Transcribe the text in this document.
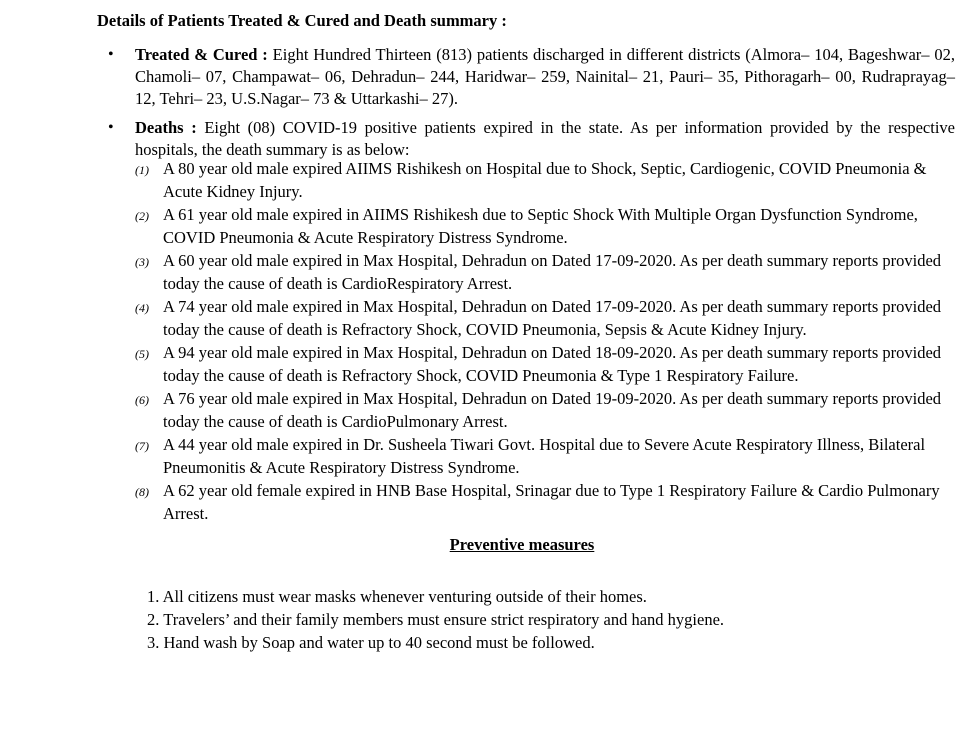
Details of Patients Treated & Cured and Death summary :
• Treated & Cured : Eight Hundred Thirteen (813) patients discharged in different districts (Almora– 104, Bageshwar– 02, Chamoli– 07, Champawat– 06, Dehradun– 244, Haridwar– 259, Nainital– 21, Pauri– 35, Pithoragarh– 00, Rudraprayag– 12, Tehri– 23, U.S.Nagar– 73 & Uttarkashi– 27).
• Deaths : Eight (08) COVID-19 positive patients expired in the state. As per information provided by the respective hospitals, the death summary is as below:
(1) A 80 year old male expired AIIMS Rishikesh on Hospital due to Shock, Septic, Cardiogenic, COVID Pneumonia & Acute Kidney Injury.
(2) A 61 year old male expired in AIIMS Rishikesh due to Septic Shock With Multiple Organ Dysfunction Syndrome, COVID Pneumonia & Acute Respiratory Distress Syndrome.
(3) A 60 year old male expired in Max Hospital, Dehradun on Dated 17-09-2020. As per death summary reports provided today the cause of death is CardioRespiratory Arrest.
(4) A 74 year old male expired in Max Hospital, Dehradun on Dated 17-09-2020. As per death summary reports provided today the cause of death is Refractory Shock, COVID Pneumonia, Sepsis & Acute Kidney Injury.
(5) A 94 year old male expired in Max Hospital, Dehradun on Dated 18-09-2020. As per death summary reports provided today the cause of death is Refractory Shock, COVID Pneumonia & Type 1 Respiratory Failure.
(6) A 76 year old male expired in Max Hospital, Dehradun on Dated 19-09-2020. As per death summary reports provided today the cause of death is CardioPulmonary Arrest.
(7) A 44 year old male expired in Dr. Susheela Tiwari Govt. Hospital due to Severe Acute Respiratory Illness, Bilateral Pneumonitis & Acute Respiratory Distress Syndrome.
(8) A 62 year old female expired in HNB Base Hospital, Srinagar due to Type 1 Respiratory Failure & Cardio Pulmonary Arrest.
Preventive measures
1. All citizens must wear masks whenever venturing outside of their homes.
2. Travelers’ and their family members must ensure strict respiratory and hand hygiene.
3. Hand wash by Soap and water up to 40 second must be followed.
